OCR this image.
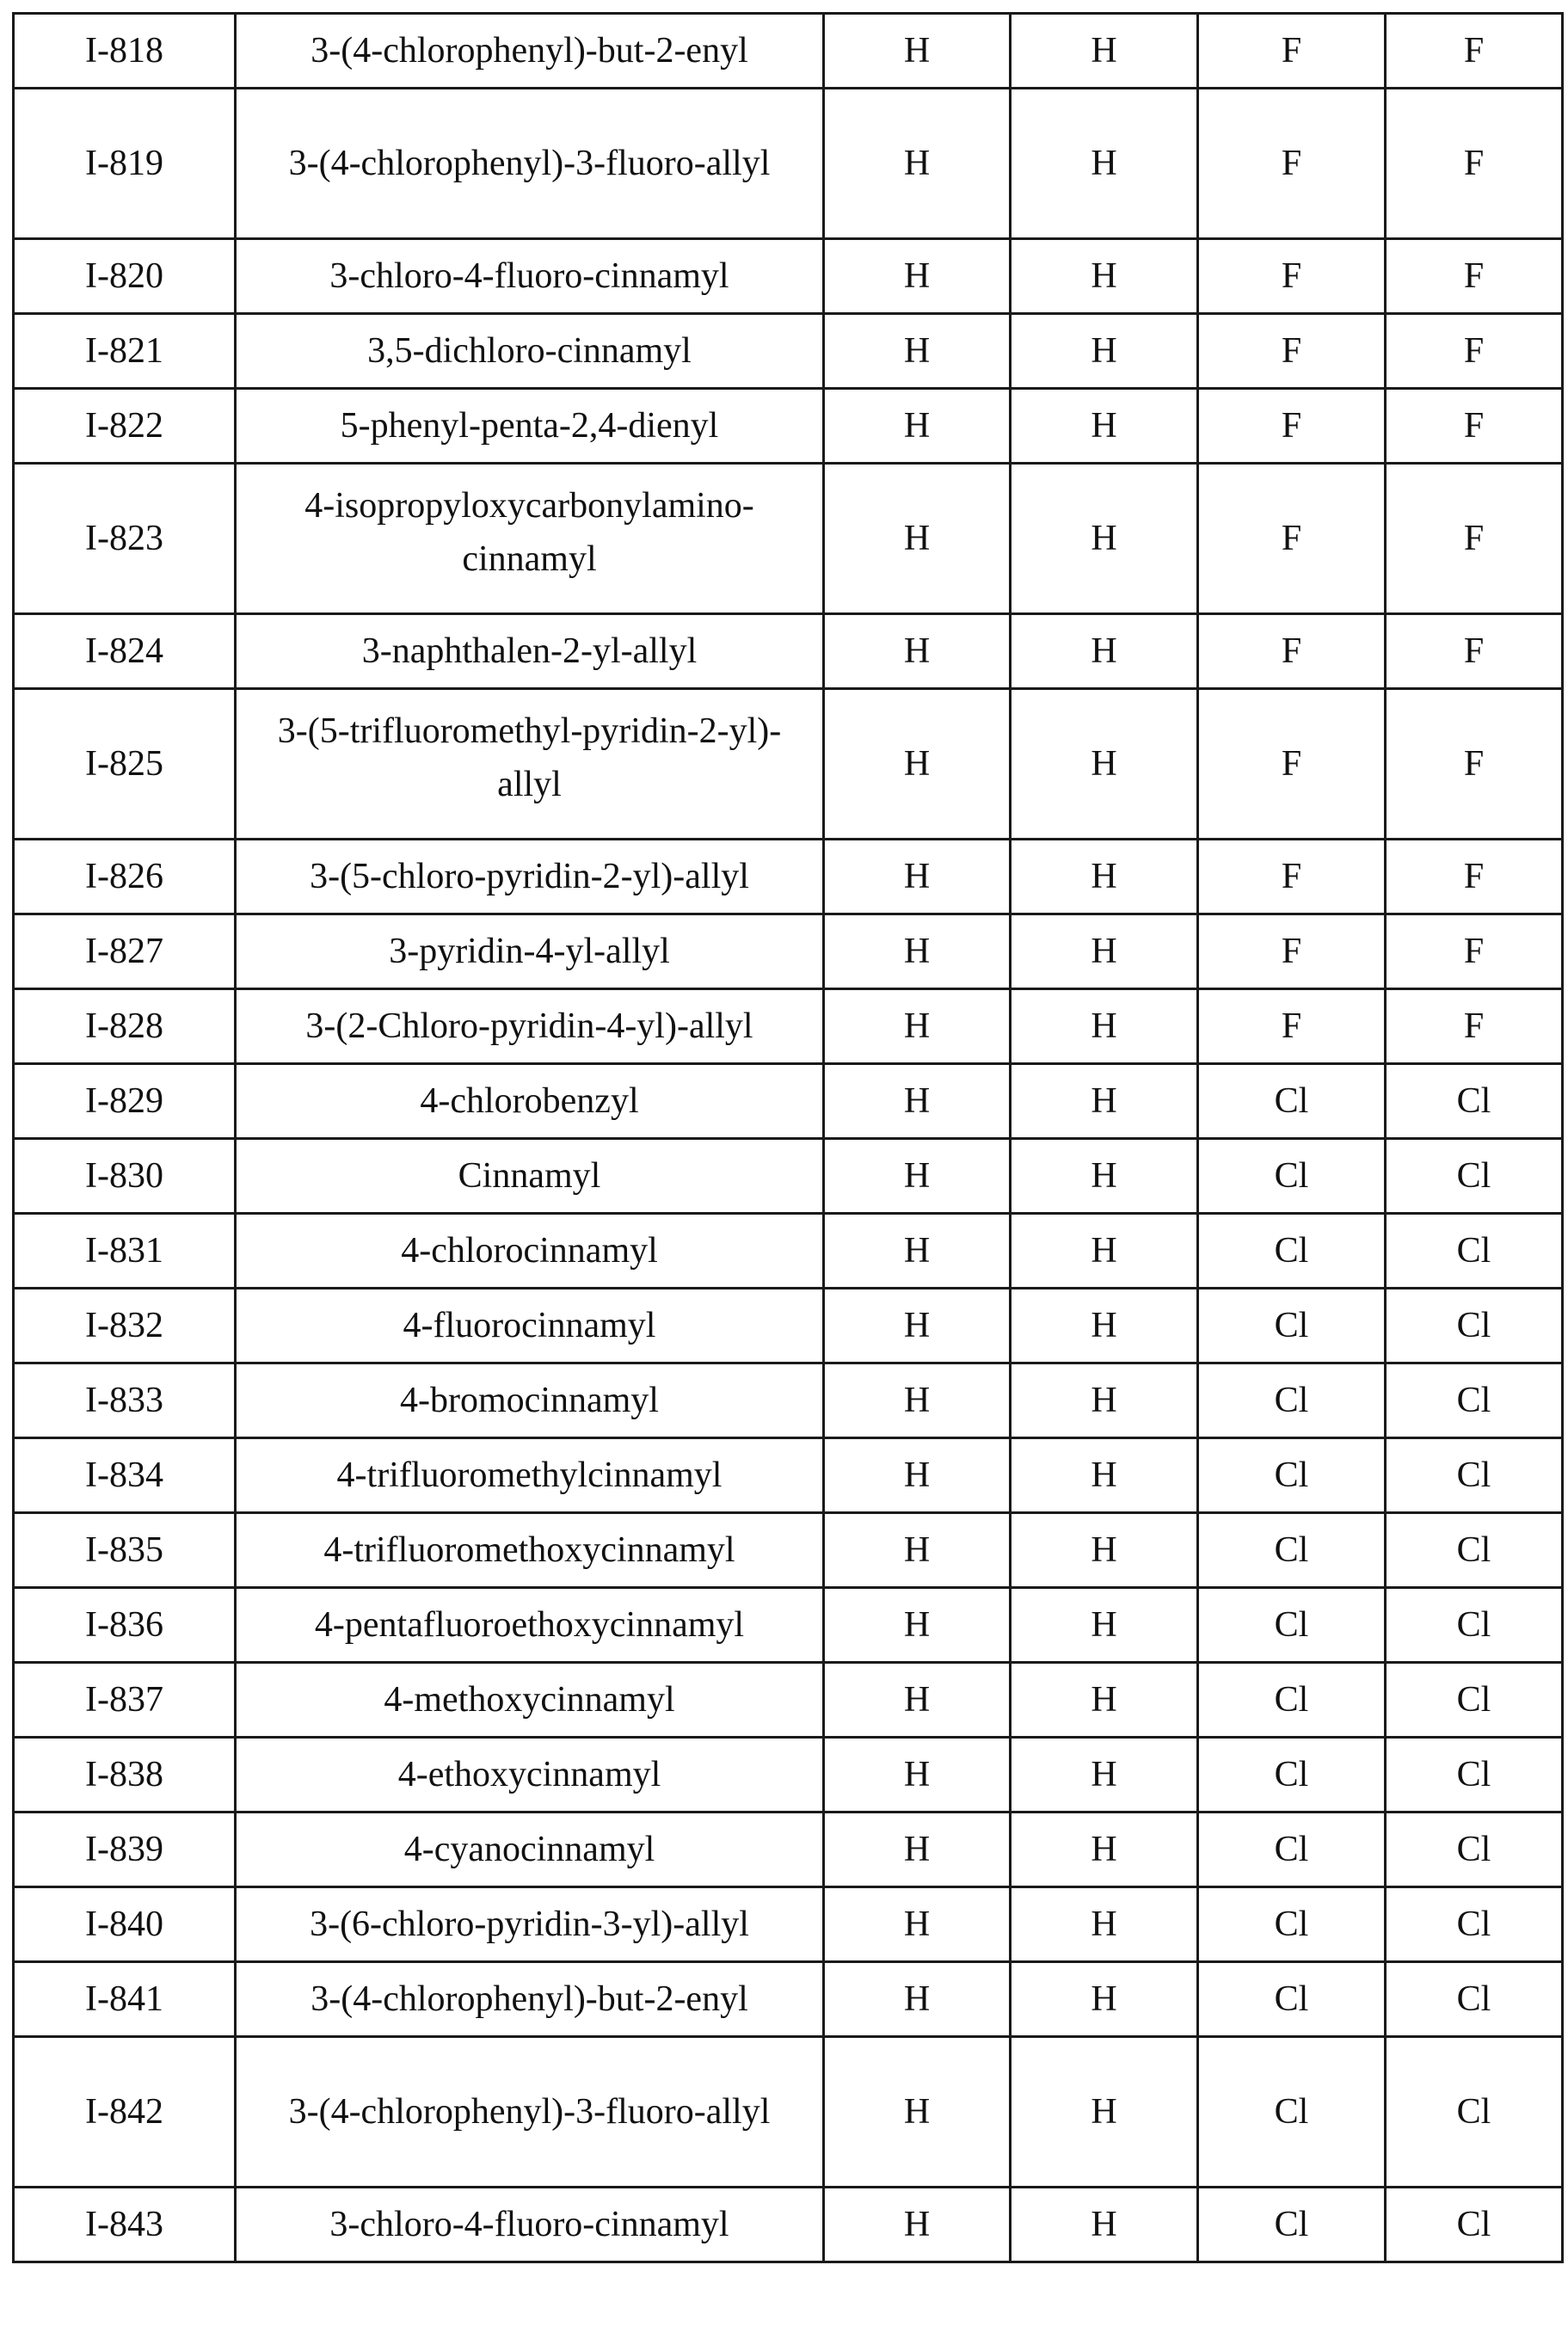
I-818	3-(4-chlorophenyl)-but-2-enyl	H	H	F	F
I-819	3-(4-chlorophenyl)-3-fluoro-allyl	H	H	F	F
I-820	3-chloro-4-fluoro-cinnamyl	H	H	F	F
I-821	3,5-dichloro-cinnamyl	H	H	F	F
I-822	5-phenyl-penta-2,4-dienyl	H	H	F	F
I-823	4-isopropyloxycarbonylamino-cinnamyl	H	H	F	F
I-824	3-naphthalen-2-yl-allyl	H	H	F	F
I-825	3-(5-trifluoromethyl-pyridin-2-yl)-allyl	H	H	F	F
I-826	3-(5-chloro-pyridin-2-yl)-allyl	H	H	F	F
I-827	3-pyridin-4-yl-allyl	H	H	F	F
I-828	3-(2-Chloro-pyridin-4-yl)-allyl	H	H	F	F
I-829	4-chlorobenzyl	H	H	Cl	Cl
I-830	Cinnamyl	H	H	Cl	Cl
I-831	4-chlorocinnamyl	H	H	Cl	Cl
I-832	4-fluorocinnamyl	H	H	Cl	Cl
I-833	4-bromocinnamyl	H	H	Cl	Cl
I-834	4-trifluoromethylcinnamyl	H	H	Cl	Cl
I-835	4-trifluoromethoxycinnamyl	H	H	Cl	Cl
I-836	4-pentafluoroethoxycinnamyl	H	H	Cl	Cl
I-837	4-methoxycinnamyl	H	H	Cl	Cl
I-838	4-ethoxycinnamyl	H	H	Cl	Cl
I-839	4-cyanocinnamyl	H	H	Cl	Cl
I-840	3-(6-chloro-pyridin-3-yl)-allyl	H	H	Cl	Cl
I-841	3-(4-chlorophenyl)-but-2-enyl	H	H	Cl	Cl
I-842	3-(4-chlorophenyl)-3-fluoro-allyl	H	H	Cl	Cl
I-843	3-chloro-4-fluoro-cinnamyl	H	H	Cl	Cl
